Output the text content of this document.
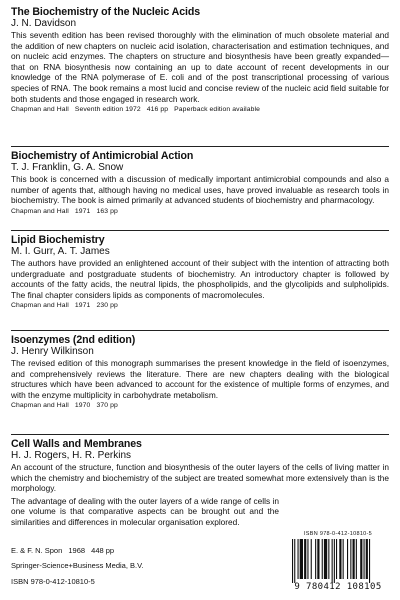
The Biochemistry of the Nucleic Acids
J. N. Davidson

This seventh edition has been revised thoroughly with the elimination of much obsolete material and the addition of new chapters on nucleic acid isolation, characterisation and estimation techniques, and on nucleic acid enzymes. The chapters on structure and biosynthesis have been greatly expanded—that on RNA biosynthesis now containing an up to date account of recent developments in our knowledge of the RNA polymerase of E. coli and of the post transcriptional processing of various species of RNA. The book remains a most lucid and concise review of the nucleic acid field suitable for both students and those engaged in research work.

Chapman and Hall Seventh edition 1972 416 pp Paperback edition available
Biochemistry of Antimicrobial Action
T. J. Franklin, G. A. Snow

This book is concerned with a discussion of medically important antimicrobial compounds and also a number of agents that, although having no medical uses, have proved invaluable as research tools in biochemistry. The book is aimed primarily at advanced students of biochemistry and pharmacology.

Chapman and Hall 1971 163 pp
Lipid Biochemistry
M. I. Gurr, A. T. James

The authors have provided an enlightened account of their subject with the intention of attracting both undergraduate and postgraduate students of biochemistry. An introductory chapter is followed by accounts of the fatty acids, the neutral lipids, the phospholipids, and the glycolipids and sulpholipids. The final chapter considers lipids as components of macromolecules.

Chapman and Hall 1971 230 pp
Isoenzymes (2nd edition)
J. Henry Wilkinson

The revised edition of this monograph summarises the present knowledge in the field of isoenzymes, and comprehensively reviews the literature. There are new chapters dealing with the biological structures which have been advanced to account for the existence of multiple forms of enzymes, and with the enzyme multiplicity in carbohydrate metabolism.

Chapman and Hall 1970 370 pp
Cell Walls and Membranes
H. J. Rogers, H. R. Perkins

An account of the structure, function and biosynthesis of the outer layers of the cells of living matter in which the chemistry and biochemistry of the subject are treated somewhat more extensively than is the morphology.

The advantage of dealing with the outer layers of a wide range of cells in one volume is that comparative aspects can be brought out and the similarities and differences in molecular organisation explored.

E. & F. N. Spon 1968 448 pp
Springer-Science+Business Media, B.V.
ISBN 978-0-412-10810-5
ISBN 978-0-412-10810-5
9 780412 108105
